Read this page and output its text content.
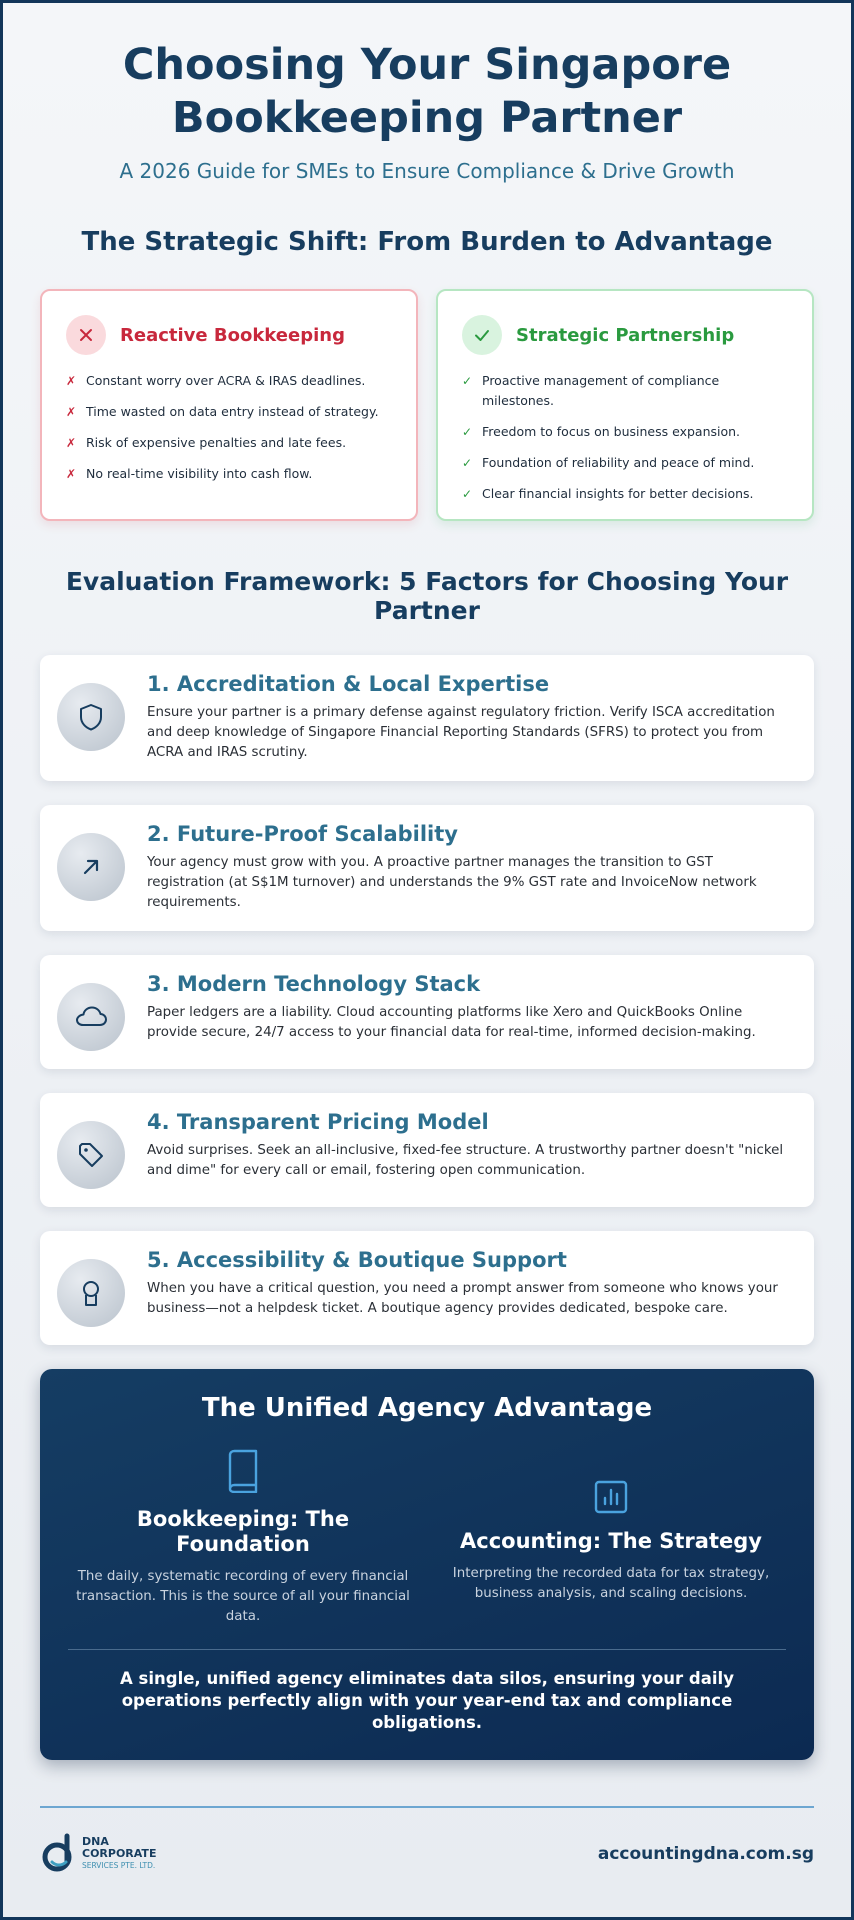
Choosing Your Singapore
Bookkeeping Partner
A 2026 Guide for SMEs to Ensure Compliance & Drive Growth
The Strategic Shift: From Burden to Advantage
Reactive Bookkeeping
✗ Constant worry over ACRA & IRAS deadlines.
✗ Time wasted on data entry instead of strategy.
✗ Risk of expensive penalties and late fees.
✗ No real-time visibility into cash flow.
Strategic Partnership
✓ Proactive management of compliance milestones.
✓ Freedom to focus on business expansion.
✓ Foundation of reliability and peace of mind.
✓ Clear financial insights for better decisions.
Evaluation Framework: 5 Factors for Choosing Your Partner
1. Accreditation & Local Expertise
Ensure your partner is a primary defense against regulatory friction. Verify ISCA accreditation and deep knowledge of Singapore Financial Reporting Standards (SFRS) to protect you from ACRA and IRAS scrutiny.
2. Future-Proof Scalability
Your agency must grow with you. A proactive partner manages the transition to GST registration (at S$1M turnover) and understands the 9% GST rate and InvoiceNow network requirements.
3. Modern Technology Stack
Paper ledgers are a liability. Cloud accounting platforms like Xero and QuickBooks Online provide secure, 24/7 access to your financial data for real-time, informed decision-making.
4. Transparent Pricing Model
Avoid surprises. Seek an all-inclusive, fixed-fee structure. A trustworthy partner doesn't "nickel and dime" for every call or email, fostering open communication.
5. Accessibility & Boutique Support
When you have a critical question, you need a prompt answer from someone who knows your business—not a helpdesk ticket. A boutique agency provides dedicated, bespoke care.
The Unified Agency Advantage
Bookkeeping: The Foundation
The daily, systematic recording of every financial transaction. This is the source of all your financial data.
Accounting: The Strategy
Interpreting the recorded data for tax strategy, business analysis, and scaling decisions.
A single, unified agency eliminates data silos, ensuring your daily operations perfectly align with your year-end tax and compliance obligations.
DNA
CORPORATE
SERVICES PTE. LTD.
accountingdna.com.sg
